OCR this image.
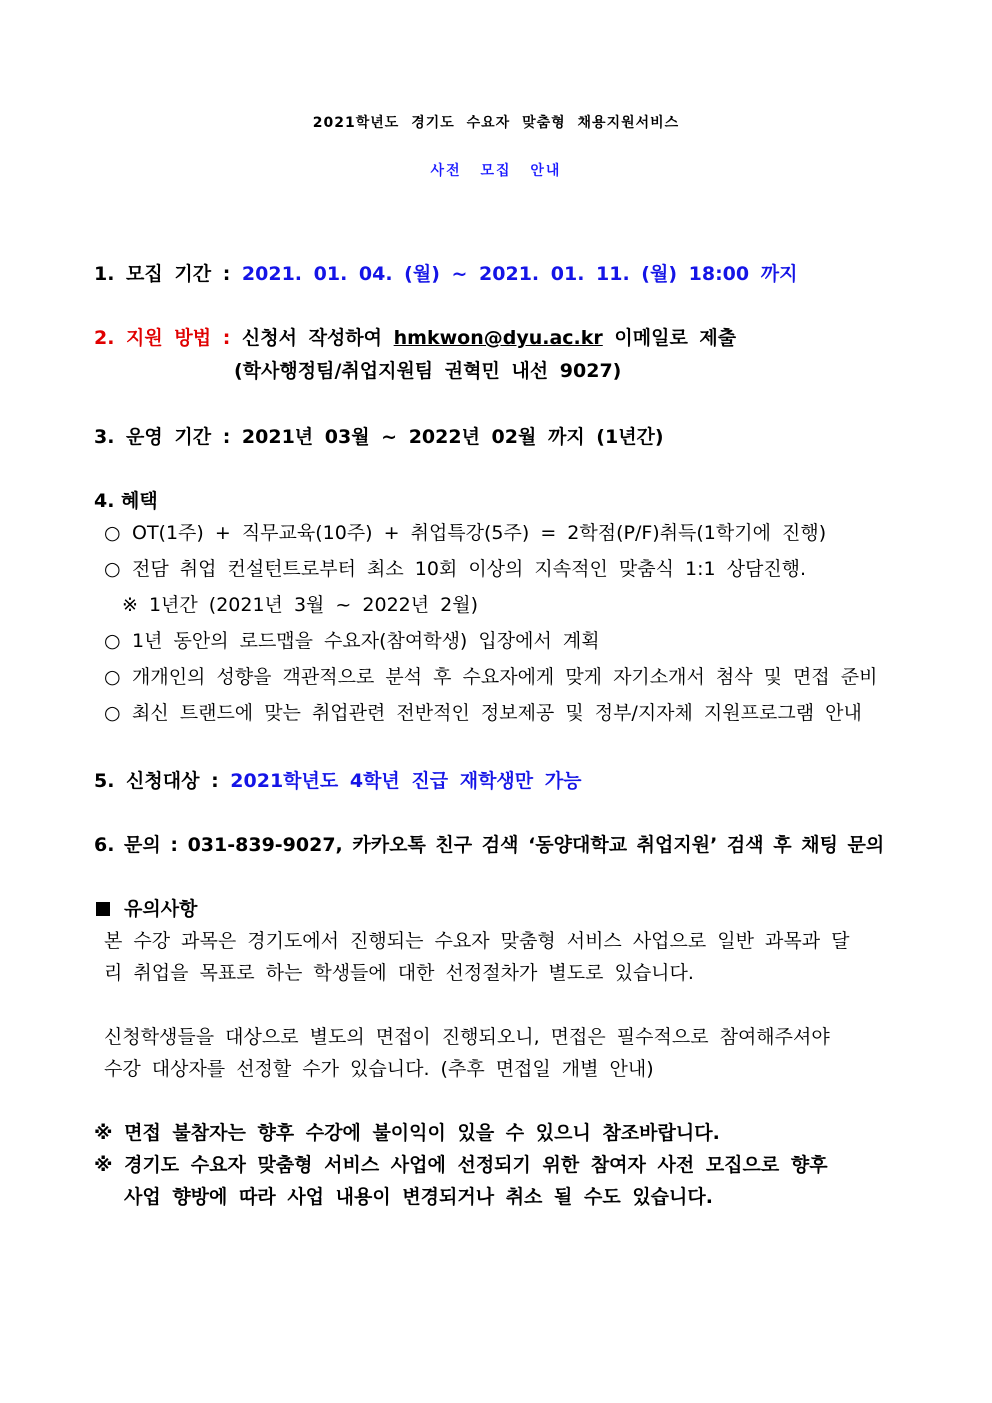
2021학년도 경기도 수요자 맞춤형 채용지원서비스
사전 모집 안내
1. 모집 기간 : 2021. 01. 04. (월) ~ 2021. 01. 11. (월) 18:00 까지
2. 지원 방법 : 신청서 작성하여 hmkwon@dyu.ac.kr 이메일로 제출
(학사행정팀/취업지원팀 권혁민 내선 9027)
3. 운영 기간 : 2021년 03월 ~ 2022년 02월 까지 (1년간)
4. 혜택
○ OT(1주) + 직무교육(10주) + 취업특강(5주) = 2학점(P/F)취득(1학기에 진행)
○ 전담 취업 컨설턴트로부터 최소 10회 이상의 지속적인 맞춤식 1:1 상담진행.
※ 1년간 (2021년 3월 ~ 2022년 2월)
○ 1년 동안의 로드맵을 수요자(참여학생) 입장에서 계획
○ 개개인의 성향을 객관적으로 분석 후 수요자에게 맞게 자기소개서 첨삭 및 면접 준비
○ 최신 트랜드에 맞는 취업관련 전반적인 정보제공 및 정부/지자체 지원프로그램 안내
5. 신청대상 : 2021학년도 4학년 진급 재학생만 가능
6. 문의 : 031-839-9027, 카카오톡 친구 검색 ‘동양대학교 취업지원’ 검색 후 채팅 문의
유의사항
본 수강 과목은 경기도에서 진행되는 수요자 맞춤형 서비스 사업으로 일반 과목과 달
리 취업을 목표로 하는 학생들에 대한 선정절차가 별도로 있습니다.
신청학생들을 대상으로 별도의 면접이 진행되오니, 면접은 필수적으로 참여해주셔야
수강 대상자를 선정할 수가 있습니다. (추후 면접일 개별 안내)
※ 면접 불참자는 향후 수강에 불이익이 있을 수 있으니 참조바랍니다.
※ 경기도 수요자 맞춤형 서비스 사업에 선정되기 위한 참여자 사전 모집으로 향후
사업 향방에 따라 사업 내용이 변경되거나 취소 될 수도 있습니다.
